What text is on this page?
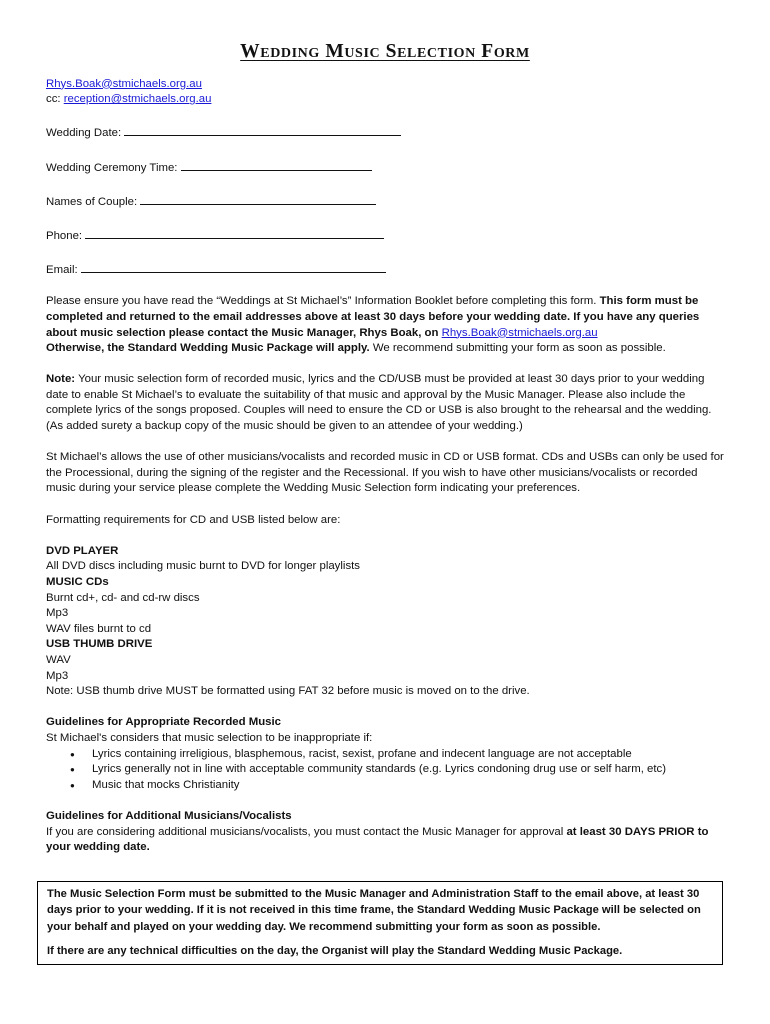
Wedding Music Selection Form
Rhys.Boak@stmichaels.org.au
cc: reception@stmichaels.org.au
Wedding Date:
Wedding Ceremony Time:
Names of Couple:
Phone:
Email:

Please ensure you have read the “Weddings at St Michael’s” Information Booklet before completing this form. This form must be completed and returned to the email addresses above at least 30 days before your wedding date. If you have any queries about music selection please contact the Music Manager, Rhys Boak, on Rhys.Boak@stmichaels.org.au
Otherwise, the Standard Wedding Music Package will apply. We recommend submitting your form as soon as possible.

Note: Your music selection form of recorded music, lyrics and the CD/USB must be provided at least 30 days prior to your wedding date to enable St Michael’s to evaluate the suitability of that music and approval by the Music Manager. Please also include the complete lyrics of the songs proposed. Couples will need to ensure the CD or USB is also brought to the rehearsal and the wedding. (As added surety a backup copy of the music should be given to an attendee of your wedding.)

St Michael’s allows the use of other musicians/vocalists and recorded music in CD or USB format. CDs and USBs can only be used for the Processional, during the signing of the register and the Recessional. If you wish to have other musicians/vocalists or recorded music during your service please complete the Wedding Music Selection form indicating your preferences.

Formatting requirements for CD and USB listed below are:

DVD PLAYER
All DVD discs including music burnt to DVD for longer playlists
MUSIC CDs
Burnt cd+, cd- and cd-rw discs
Mp3
WAV files burnt to cd
USB THUMB DRIVE
WAV
Mp3
Note: USB thumb drive MUST be formatted using FAT 32 before music is moved on to the drive.
Guidelines for Appropriate Recorded Music
St Michael's considers that music selection to be inappropriate if:
● Lyrics containing irreligious, blasphemous, racist, sexist, profane and indecent language are not acceptable
● Lyrics generally not in line with acceptable community standards (e.g. Lyrics condoning drug use or self harm, etc)
● Music that mocks Christianity
Guidelines for Additional Musicians/Vocalists

If you are considering additional musicians/vocalists, you must contact the Music Manager for approval at least 30 DAYS PRIOR to your wedding date.

The Music Selection Form must be submitted to the Music Manager and Administration Staff to the email above, at least 30 days prior to your wedding. If it is not received in this time frame, the Standard Wedding Music Package will be selected on your behalf and played on your wedding day. We recommend submitting your form as soon as possible.

If there are any technical difficulties on the day, the Organist will play the Standard Wedding Music Package.
